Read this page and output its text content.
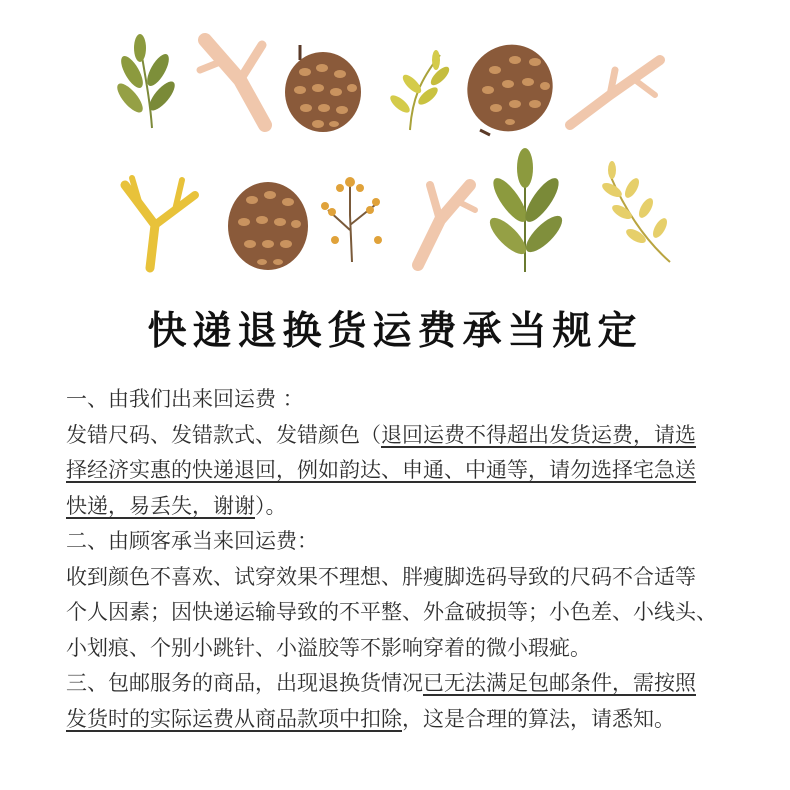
快递退换货运费承当规定
一、由我们出来回运费 ：
发错尺码、发错款式、发错颜色（退回运费不得超出发货运费，请选
择经济实惠的快递退回，例如韵达、申通、中通等，请勿选择宅急送
快递，易丢失，谢谢）。
二、由顾客承当来回运费：
收到颜色不喜欢、试穿效果不理想、胖瘦脚选码导致的尺码不合适等
个人因素；因快递运输导致的不平整、外盒破损等；小色差、小线头、
小划痕、个别小跳针、小溢胶等不影响穿着的微小瑕疵。
三、包邮服务的商品，出现退换货情况已无法满足包邮条件，需按照
发货时的实际运费从商品款项中扣除，这是合理的算法，请悉知。
